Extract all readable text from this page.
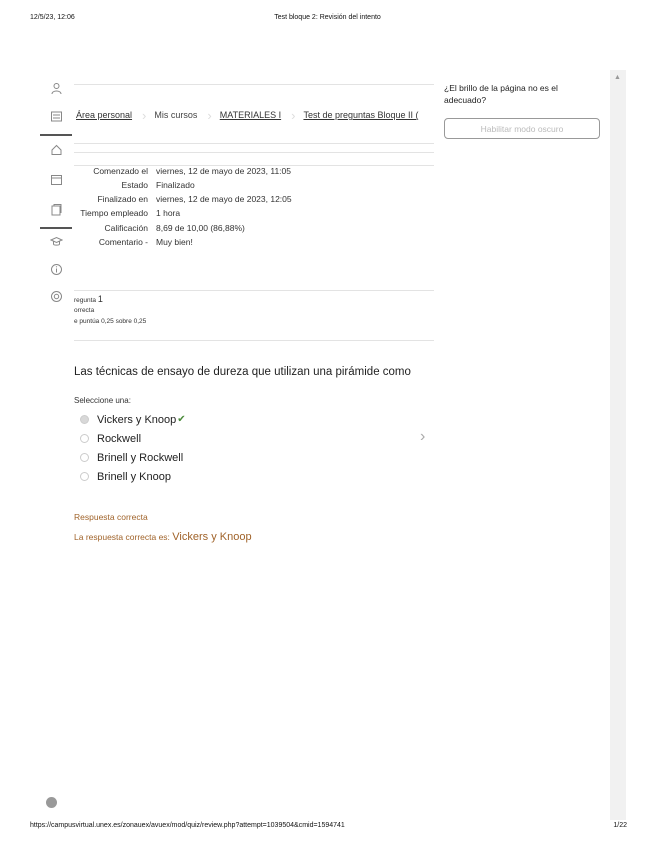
12/5/23, 12:06	Test bloque 2: Revisión del intento
Área personal › Mis cursos › MATERIALES I › Test de preguntas Bloque II (
Comenzado el viernes, 12 de mayo de 2023, 11:05
Estado Finalizado
Finalizado en viernes, 12 de mayo de 2023, 12:05
Tiempo empleado 1 hora
Calificación 8,69 de 10,00 (86,88%)
Comentario - Muy bien!
regunta 1
orrecta
e puntúa 0,25 sobre 0,25
Las técnicas de ensayo de dureza que utilizan una pirámide como
Seleccione una:
Vickers y Knoop ✔
Rockwell
Brinell y Rockwell
Brinell y Knoop
›
Respuesta correcta
La respuesta correcta es: Vickers y Knoop
¿El brillo de la página no es el adecuado?
Habilitar modo oscuro
▲
https://campusvirtual.unex.es/zonauex/avuex/mod/quiz/review.php?attempt=1039504&cmid=1594741	1/22
